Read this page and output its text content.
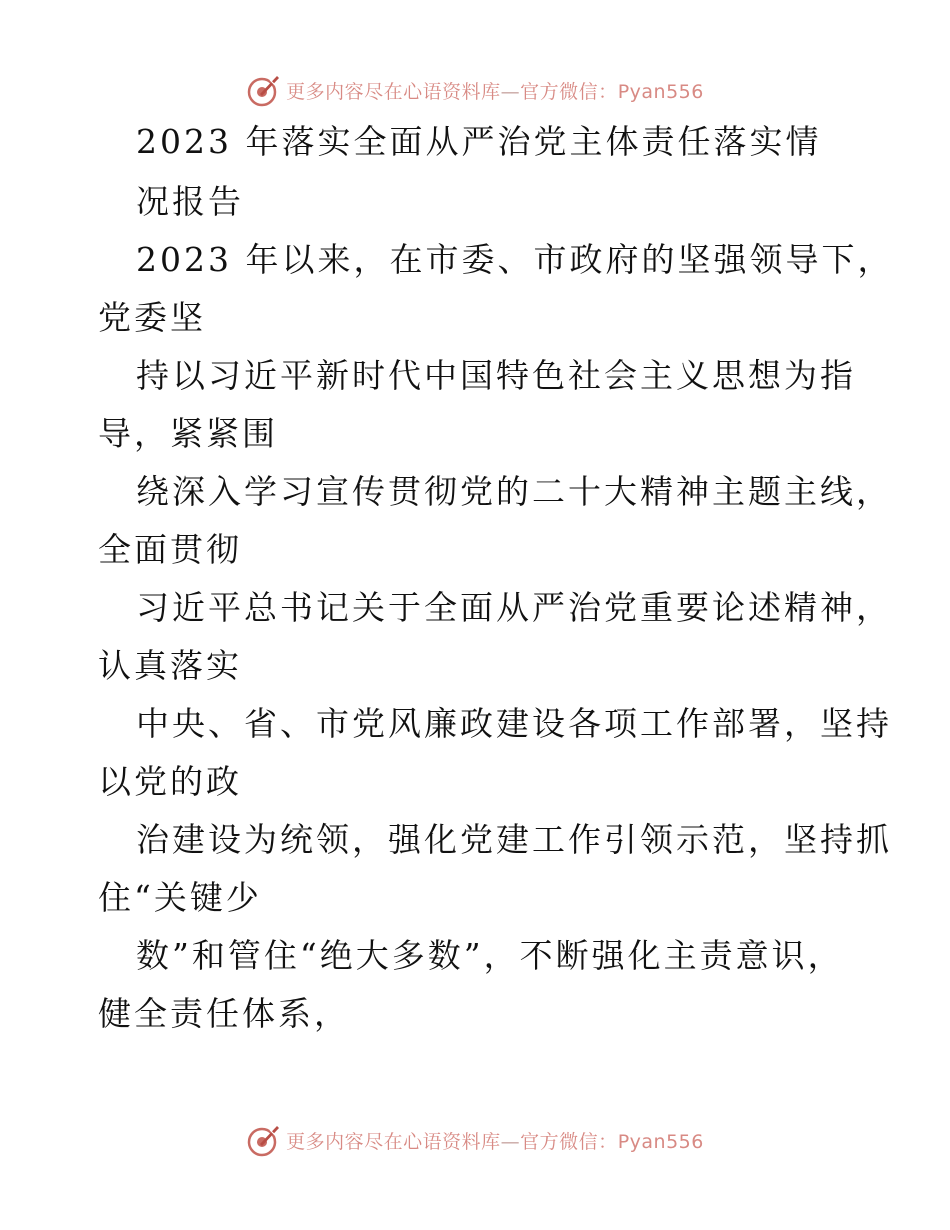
更多内容尽在心语资料库—官方微信：Pyan556
2023 年落实全面从严治党主体责任落实情
况报告
2023 年以来，在市委、市政府的坚强领导下，
党委坚
持以习近平新时代中国特色社会主义思想为指
导，紧紧围
绕深入学习宣传贯彻党的二十大精神主题主线，
全面贯彻
习近平总书记关于全面从严治党重要论述精神，
认真落实
中央、省、市党风廉政建设各项工作部署，坚持
以党的政
治建设为统领，强化党建工作引领示范，坚持抓
住“关键少
数”和管住“绝大多数”，不断强化主责意识，
健全责任体系，
更多内容尽在心语资料库—官方微信：Pyan556
